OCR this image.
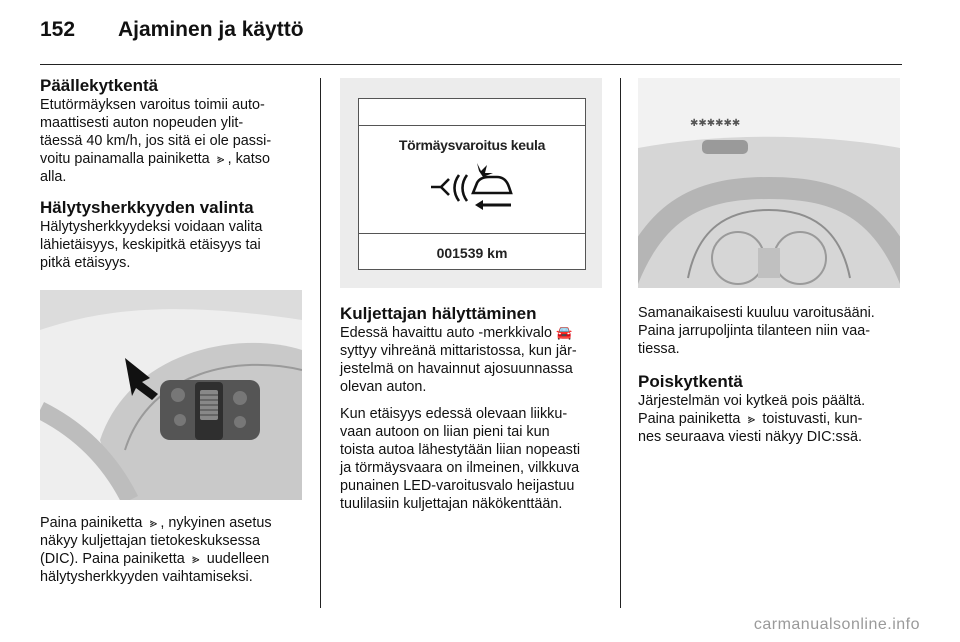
152 Ajaminen ja käyttö
Päällekytkentä

Etutörmäyksen varoitus toimii auto-
maattisesti auton nopeuden ylit-
täessä 40 km/h, jos sitä ei ole passi-
voitu painamalla painiketta ⪢ , katso
alla.

Hälytysherkkyyden valinta

Hälytysherkkyydeksi voidaan valita
lähietäisyys, keskipitkä etäisyys tai
pitkä etäisyys.

Paina painiketta ⪢ , nykyinen asetus
näkyy kuljettajan tietokeskuksessa
(DIC). Paina painiketta ⪢ uudelleen
hälytysherkkyyden vaihtamiseksi.

Törmäysvaroitus keula
001539 km
Kuljettajan hälyttäminen

Edessä havaittu auto -merkkivalo 🚘
syttyy vihreänä mittaristossa, kun jär-
jestelmä on havainnut ajosuunnassa
olevan auton.

Kun etäisyys edessä olevaan liikku-
vaan autoon on liian pieni tai kun
toista autoa lähestytään liian nopeasti
ja törmäysvaara on ilmeinen, vilkkuva
punainen LED-varoitusvalo heijastuu
tuulilasiin kuljettajan näkökenttään.

✱✱✱✱✱✱

Samanaikaisesti kuuluu varoitusääni.
Paina jarrupoljinta tilanteen niin vaa-
tiessa.

Poiskytkentä

Järjestelmän voi kytkeä pois päältä.
Paina painiketta ⪢ toistuvasti, kun-
nes seuraava viesti näkyy DIC:ssä.

carmanualsonline.info
